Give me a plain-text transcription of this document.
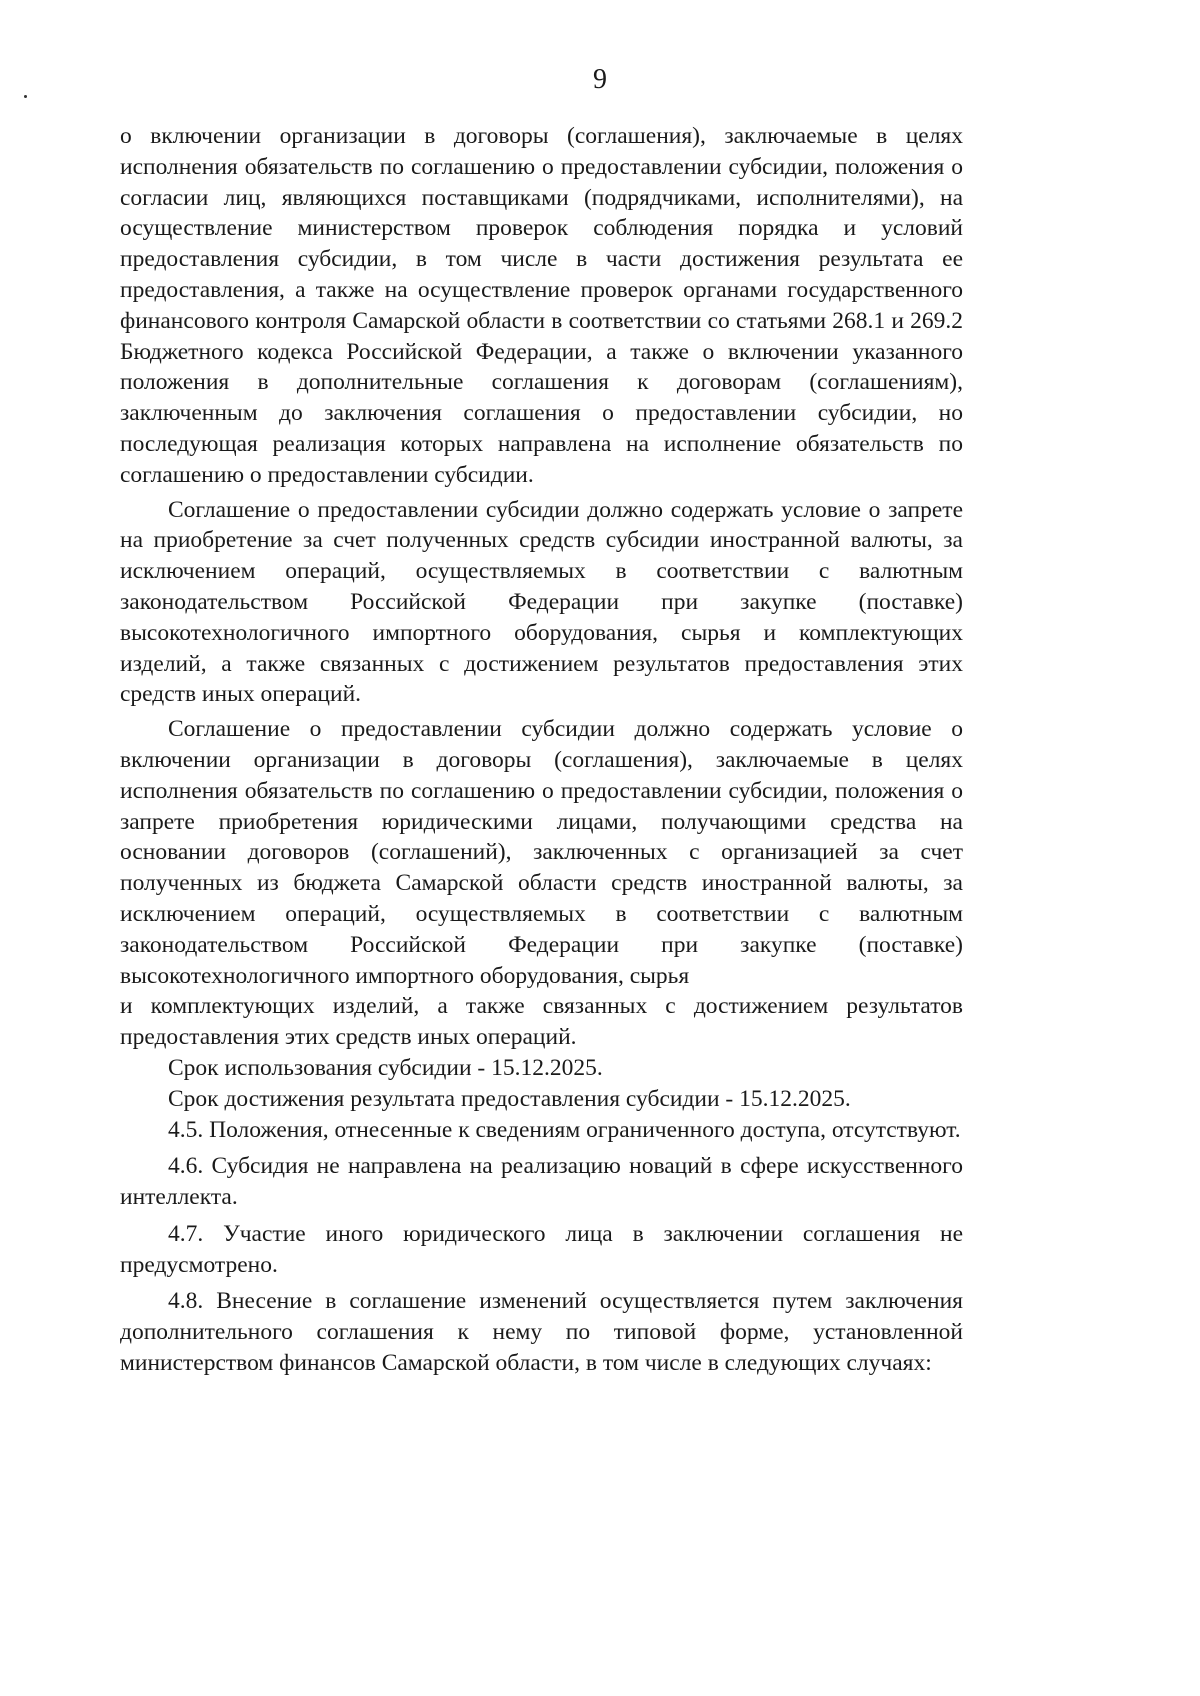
9

о включении организации в договоры (соглашения), заключаемые в целях исполнения обязательств по соглашению о предоставлении субсидии, положения о согласии лиц, являющихся поставщиками (подрядчиками, исполнителями), на осуществление министерством проверок соблюдения порядка и условий предоставления субсидии, в том числе в части достижения результата ее предоставления, а также на осуществление проверок органами государственного финансового контроля Самарской области в соответствии со статьями 268.1 и 269.2 Бюджетного кодекса Российской Федерации, а также о включении указанного положения в дополнительные соглашения к договорам (соглашениям), заключенным до заключения соглашения о предоставлении субсидии, но последующая реализация которых направлена на исполнение обязательств по соглашению о предоставлении субсидии.

Соглашение о предоставлении субсидии должно содержать условие о запрете на приобретение за счет полученных средств субсидии иностранной валюты, за исключением операций, осуществляемых в соответствии с валютным законодательством Российской Федерации при закупке (поставке) высокотехнологичного импортного оборудования, сырья и комплектующих изделий, а также связанных с достижением результатов предоставления этих средств иных операций.

Соглашение о предоставлении субсидии должно содержать условие о включении организации в договоры (соглашения), заключаемые в целях исполнения обязательств по соглашению о предоставлении субсидии, положения о запрете приобретения юридическими лицами, получающими средства на основании договоров (соглашений), заключенных с организацией за счет полученных из бюджета Самарской области средств иностранной валюты, за исключением операций, осуществляемых в соответствии с валютным законодательством Российской Федерации при закупке (поставке) высокотехнологичного импортного оборудования, сырья

и комплектующих изделий, а также связанных с достижением результатов предоставления этих средств иных операций.

Срок использования субсидии - 15.12.2025.

Срок достижения результата предоставления субсидии - 15.12.2025.

4.5. Положения, отнесенные к сведениям ограниченного доступа, отсутствуют.

4.6. Субсидия не направлена на реализацию новаций в сфере искусственного интеллекта.

4.7. Участие иного юридического лица в заключении соглашения не предусмотрено.

4.8. Внесение в соглашение изменений осуществляется путем заключения дополнительного соглашения к нему по типовой форме, установленной министерством финансов Самарской области, в том числе в следующих случаях:
